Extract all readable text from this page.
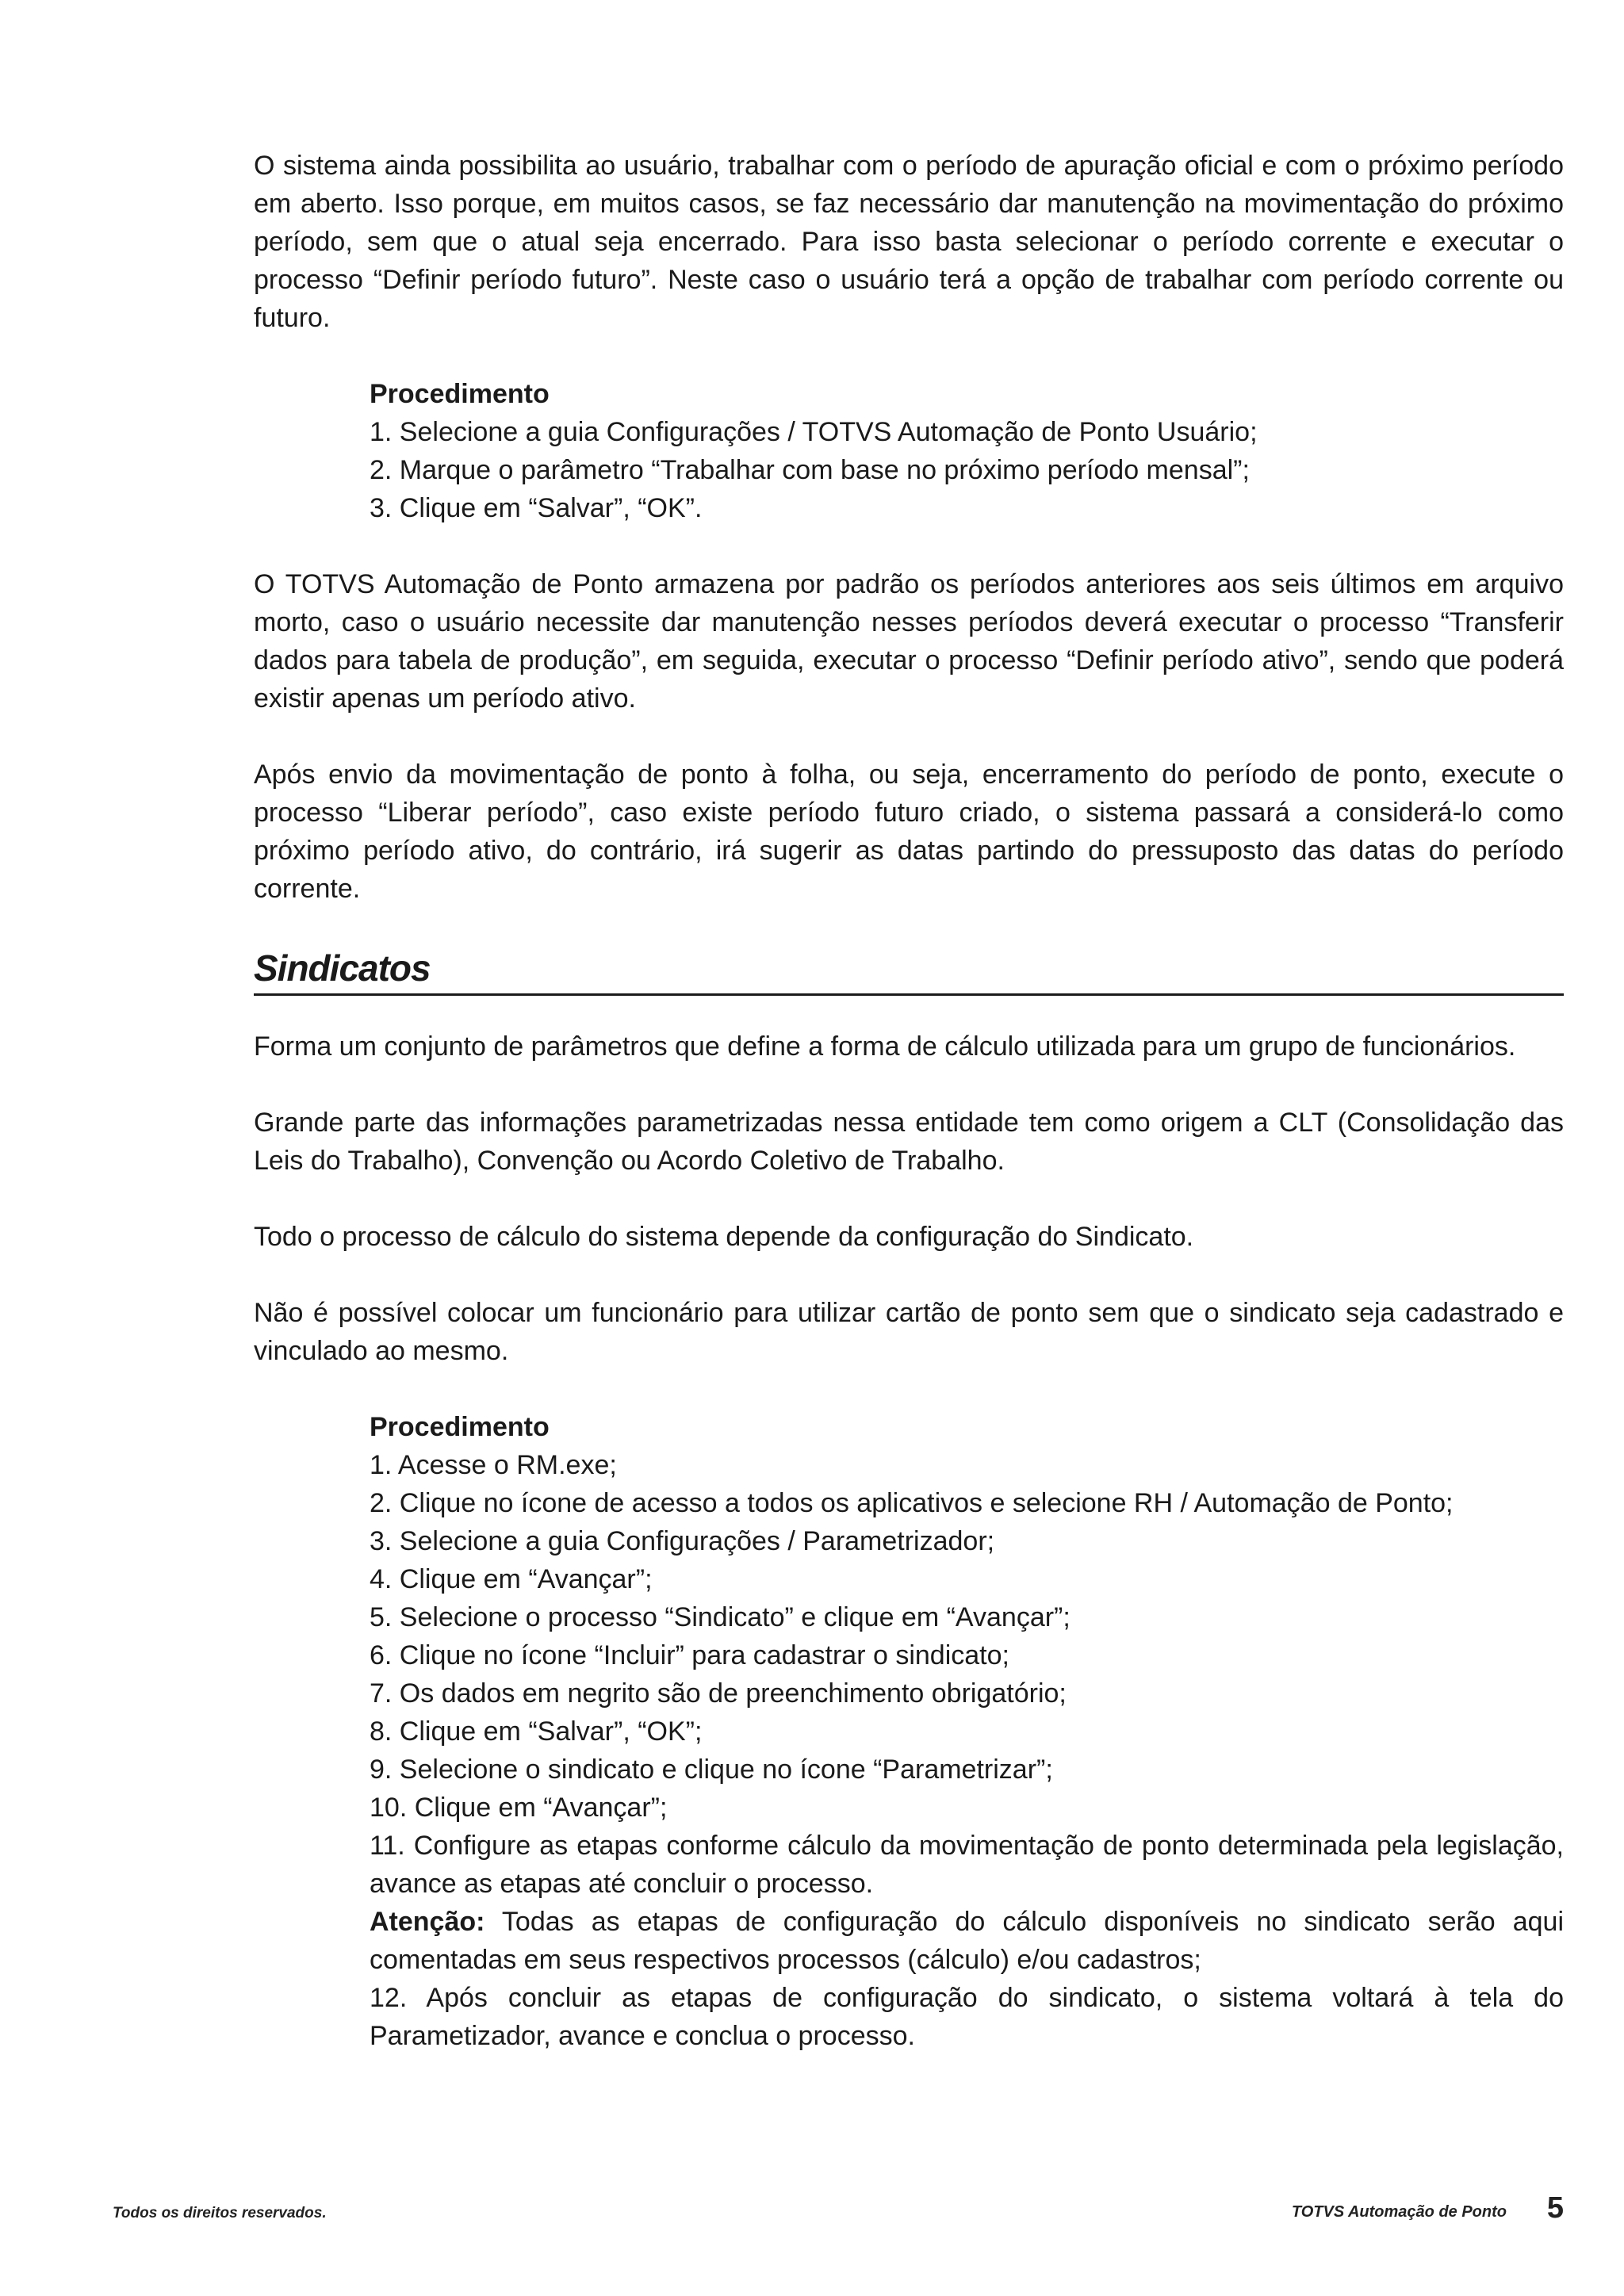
O sistema ainda possibilita ao usuário, trabalhar com o período de apuração oficial e com o próximo período em aberto. Isso porque, em muitos casos, se faz necessário dar manutenção na movimentação do próximo período, sem que o atual seja encerrado. Para isso basta selecionar o período corrente e executar o processo “Definir período futuro”. Neste caso o usuário terá a opção de trabalhar com período corrente ou futuro.

Procedimento
1. Selecione a guia Configurações / TOTVS Automação de Ponto Usuário;
2. Marque o parâmetro “Trabalhar com base no próximo período mensal”;
3. Clique em “Salvar”, “OK”.

O TOTVS Automação de Ponto armazena por padrão os períodos anteriores aos seis últimos em arquivo morto, caso o usuário necessite dar manutenção nesses períodos deverá executar o processo “Transferir dados para tabela de produção”, em seguida, executar o processo “Definir período ativo”, sendo que poderá existir apenas um período ativo.

Após envio da movimentação de ponto à folha, ou seja, encerramento do período de ponto, execute o processo “Liberar período”, caso existe período futuro criado, o sistema passará a considerá-lo como próximo período ativo, do contrário, irá sugerir as datas partindo do pressuposto das datas do período corrente.

Sindicatos

Forma um conjunto de parâmetros que define a forma de cálculo utilizada para um grupo de funcionários.

Grande parte das informações parametrizadas nessa entidade tem como origem a CLT (Consolidação das Leis do Trabalho), Convenção ou Acordo Coletivo de Trabalho.

Todo o processo de cálculo do sistema depende da configuração do Sindicato.

Não é possível colocar um funcionário para utilizar cartão de ponto sem que o sindicato seja cadastrado e vinculado ao mesmo.

Procedimento
1. Acesse o RM.exe;
2. Clique no ícone de acesso a todos os aplicativos e selecione RH / Automação de Ponto;
3. Selecione a guia Configurações / Parametrizador;
4. Clique em “Avançar”;
5. Selecione o processo “Sindicato” e clique em “Avançar”;
6. Clique no ícone “Incluir” para cadastrar o sindicato;
7. Os dados em negrito são de preenchimento obrigatório;
8. Clique em “Salvar”, “OK”;
9. Selecione o sindicato e clique no ícone “Parametrizar”;
10. Clique em “Avançar”;
11. Configure as etapas conforme cálculo da movimentação de ponto determinada pela legislação, avance as etapas até concluir o processo.
Atenção: Todas as etapas de configuração do cálculo disponíveis no sindicato serão aqui comentadas em seus respectivos processos (cálculo) e/ou cadastros;
12. Após concluir as etapas de configuração do sindicato, o sistema voltará à tela do Parametizador, avance e conclua o processo.
Todos os direitos reservados.	TOTVS Automação de Ponto 5
